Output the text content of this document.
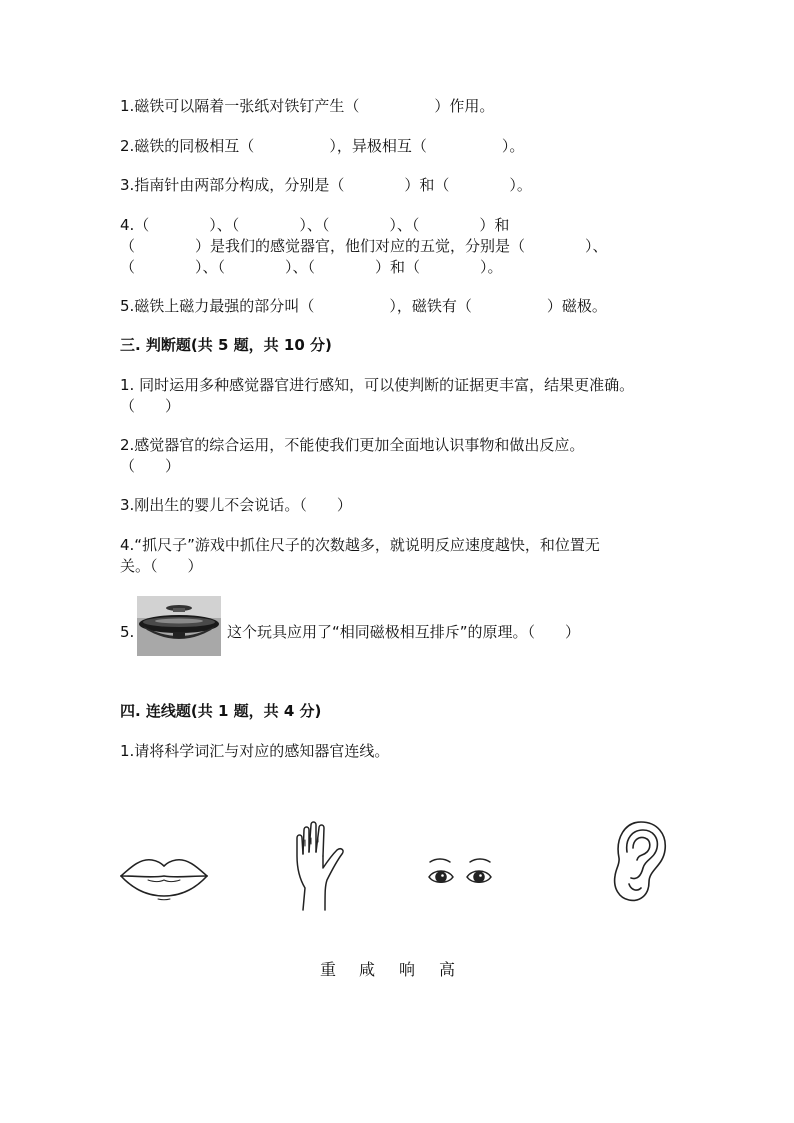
1.磁铁可以隔着一张纸对铁钉产生（　　　　　）作用。
2.磁铁的同极相互（　　　　　），异极相互（　　　　　）。
3.指南针由两部分构成，分别是（　　　　）和（　　　　）。
4.（　　　　）、（　　　　）、（　　　　）、（　　　　）和
（　　　　）是我们的感觉器官，他们对应的五觉，分别是（　　　　）、
（　　　　）、（　　　　）、（　　　　）和（　　　　）。
5.磁铁上磁力最强的部分叫（　　　　　），磁铁有（　　　　　）磁极。
三. 判断题(共 5 题，共 10 分)
1. 同时运用多种感觉器官进行感知，可以使判断的证据更丰富，结果更准确。
（　　）
2.感觉器官的综合运用，不能使我们更加全面地认识事物和做出反应。
（　　）
3.刚出生的婴儿不会说话。（　　）
4.“抓尺子”游戏中抓住尺子的次数越多，就说明反应速度越快，和位置无
关。（　　）
5.	这个玩具应用了“相同磁极相互排斥”的原理。（　　）
四. 连线题(共 1 题，共 4 分)
1.请将科学词汇与对应的感知器官连线。
重 咸 响 高
